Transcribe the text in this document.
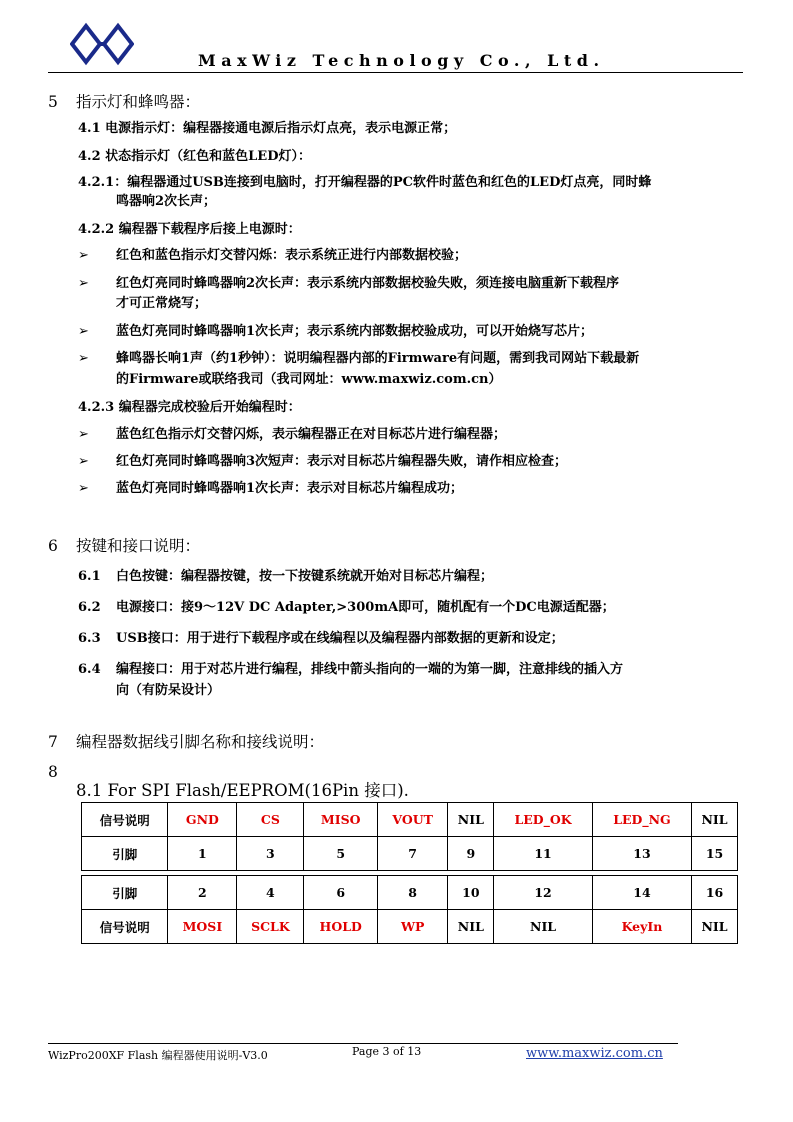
MaxWiz Technology Co., Ltd.
5 指示灯和蜂鸣器：
4.1 电源指示灯：编程器接通电源后指示灯点亮，表示电源正常；
4.2 状态指示灯（红色和蓝色LED灯）：
4.2.1：编程器通过USB连接到电脑时，打开编程器的PC软件时蓝色和红色的LED灯点亮，同时蜂
鸣器响2次长声；
4.2.2 编程器下载程序后接上电源时：
➢ 红色和蓝色指示灯交替闪烁：表示系统正进行内部数据校验；
➢ 红色灯亮同时蜂鸣器响2次长声：表示系统内部数据校验失败，须连接电脑重新下载程序
才可正常烧写；
➢ 蓝色灯亮同时蜂鸣器响1次长声；表示系统内部数据校验成功，可以开始烧写芯片；
➢ 蜂鸣器长响1声（约1秒钟）：说明编程器内部的Firmware有问题，需到我司网站下载最新
的Firmware或联络我司（我司网址：www.maxwiz.com.cn）
4.2.3 编程器完成校验后开始编程时：
➢ 蓝色红色指示灯交替闪烁，表示编程器正在对目标芯片进行编程器；
➢ 红色灯亮同时蜂鸣器响3次短声：表示对目标芯片编程器失败，请作相应检查；
➢ 蓝色灯亮同时蜂鸣器响1次长声：表示对目标芯片编程成功；
6 按键和接口说明：
6.1 白色按键：编程器按键，按一下按键系统就开始对目标芯片编程；
6.2 电源接口：接9～12V DC Adapter,>300mA即可，随机配有一个DC电源适配器；
6.3 USB接口：用于进行下载程序或在线编程以及编程器内部数据的更新和设定；
6.4 编程接口：用于对芯片进行编程，排线中箭头指向的一端的为第一脚，注意排线的插入方
向（有防呆设计）
7 编程器数据线引脚名称和接线说明：
8
8.1 For SPI Flash/EEPROM(16Pin 接口).
信号说明	GND	CS	MISO	VOUT	NIL	LED_OK	LED_NG	NIL
引脚	1	3	5	7	9	11	13	15

引脚	2	4	6	8	10	12	14	16
信号说明	MOSI	SCLK	HOLD	WP	NIL	NIL	KeyIn	NIL
WizPro200XF Flash 编程器使用说明-V3.0	Page 3 of 13	www.maxwiz.com.cn
